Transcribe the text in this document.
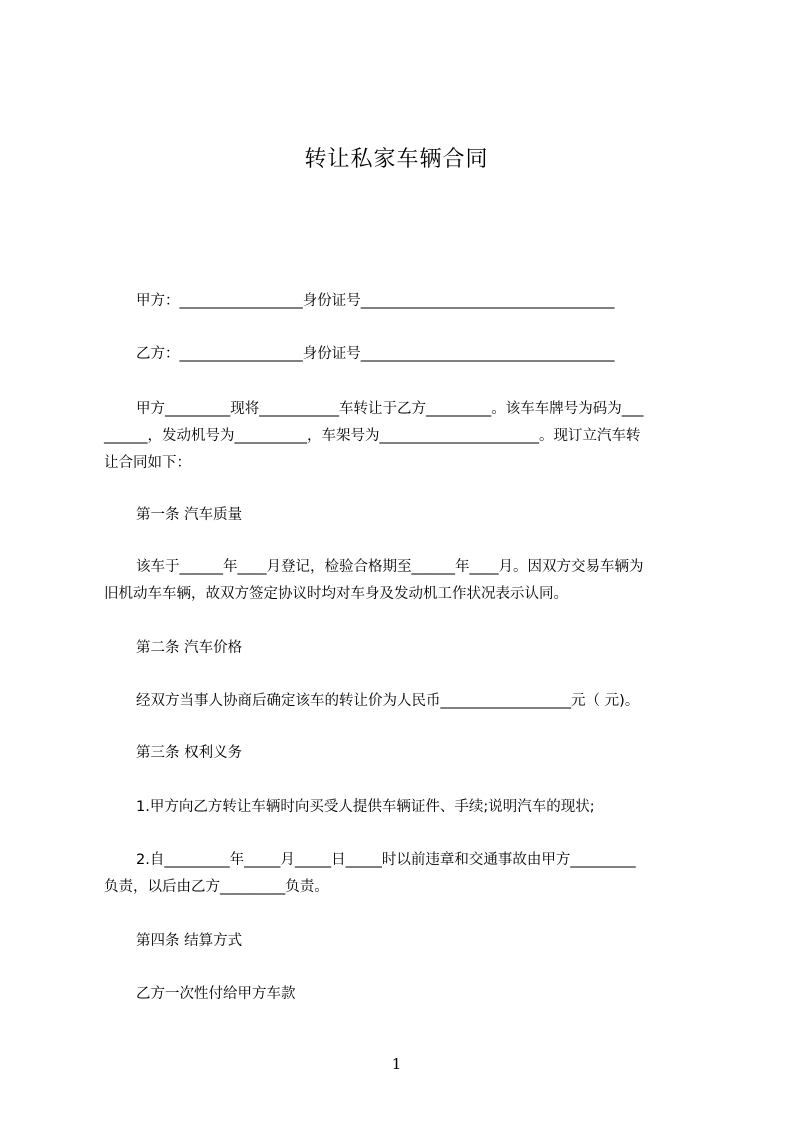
转让私家车辆合同
甲方：_________________身份证号___________________________________
乙方：_________________身份证号___________________________________
甲方_________现将___________车转让于乙方_________。该车车牌号为码为___
______，发动机号为__________，车架号为______________________。现订立汽车转
让合同如下：
第一条 汽车质量
该车于______年____月登记，检验合格期至______年____月。因双方交易车辆为
旧机动车车辆，故双方签定协议时均对车身及发动机工作状况表示认同。
第二条 汽车价格
经双方当事人协商后确定该车的转让价为人民币__________________元（ 元)。
第三条 权利义务
1.甲方向乙方转让车辆时向买受人提供车辆证件、手续;说明汽车的现状;
2.自_________年_____月_____日_____时以前违章和交通事故由甲方_________
负责，以后由乙方_________负责。
第四条 结算方式
乙方一次性付给甲方车款
1
